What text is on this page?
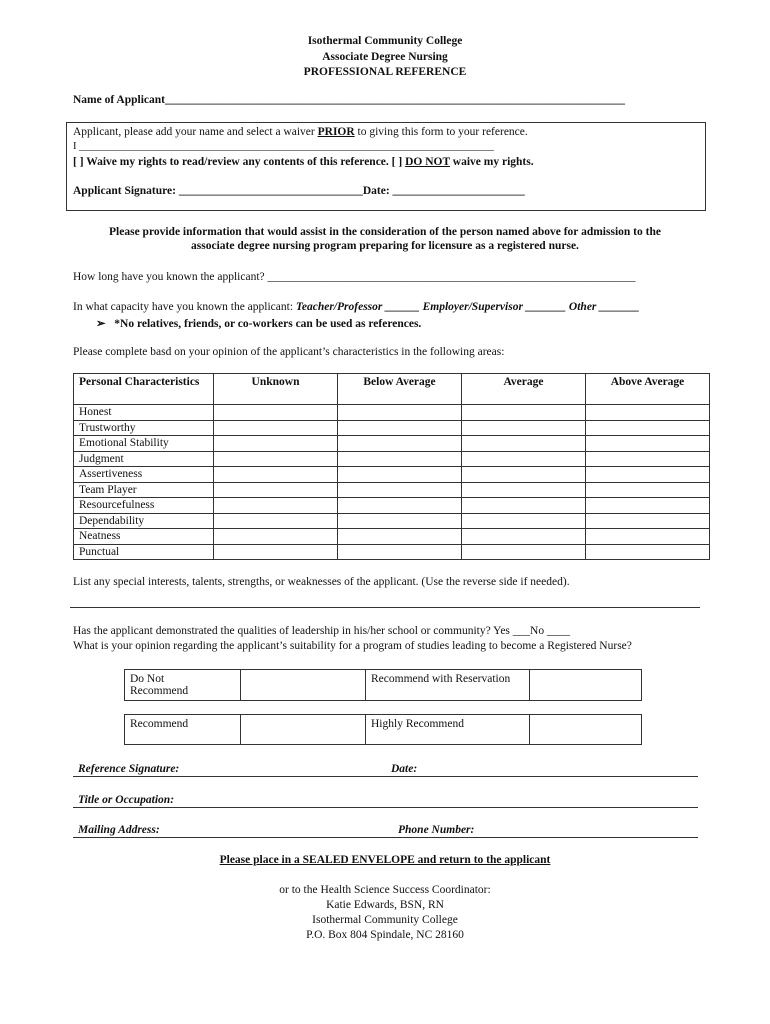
Isothermal Community College
Associate Degree Nursing
PROFESSIONAL REFERENCE
Name of Applicant________________________________________________________________________________
Applicant, please add your name and select a waiver PRIOR to giving this form to your reference.
I _______________________________________________________________________________
[ ] Waive my rights to read/review any contents of this reference. [ ] DO NOT waive my rights.
Applicant Signature: ________________________________Date: _______________________
Please provide information that would assist in the consideration of the person named above for admission to the
associate degree nursing program preparing for licensure as a registered nurse.
How long have you known the applicant? ________________________________________________________________
In what capacity have you known the applicant: Teacher/Professor ______ Employer/Supervisor _______ Other _______
➢ *No relatives, friends, or co-workers can be used as references.
Please complete basd on your opinion of the applicant’s characteristics in the following areas:
Personal Characteristics	Unknown	Below Average	Average	Above Average
Honest				
Trustworthy				
Emotional Stability				
Judgment				
Assertiveness				
Team Player				
Resourcefulness				
Dependability				
Neatness				
Punctual				
List any special interests, talents, strengths, or weaknesses of the applicant. (Use the reverse side if needed).
Has the applicant demonstrated the qualities of leadership in his/her school or community? Yes ___No ____
What is your opinion regarding the applicant’s suitability for a program of studies leading to become a Registered Nurse?
Do Not
Recommend		Recommend with Reservation	
Recommend		Highly Recommend	
Reference Signature:	Date:
Title or Occupation:
Mailing Address:	Phone Number:
Please place in a SEALED ENVELOPE and return to the applicant
or to the Health Science Success Coordinator:
Katie Edwards, BSN, RN
Isothermal Community College
P.O. Box 804 Spindale, NC 28160
